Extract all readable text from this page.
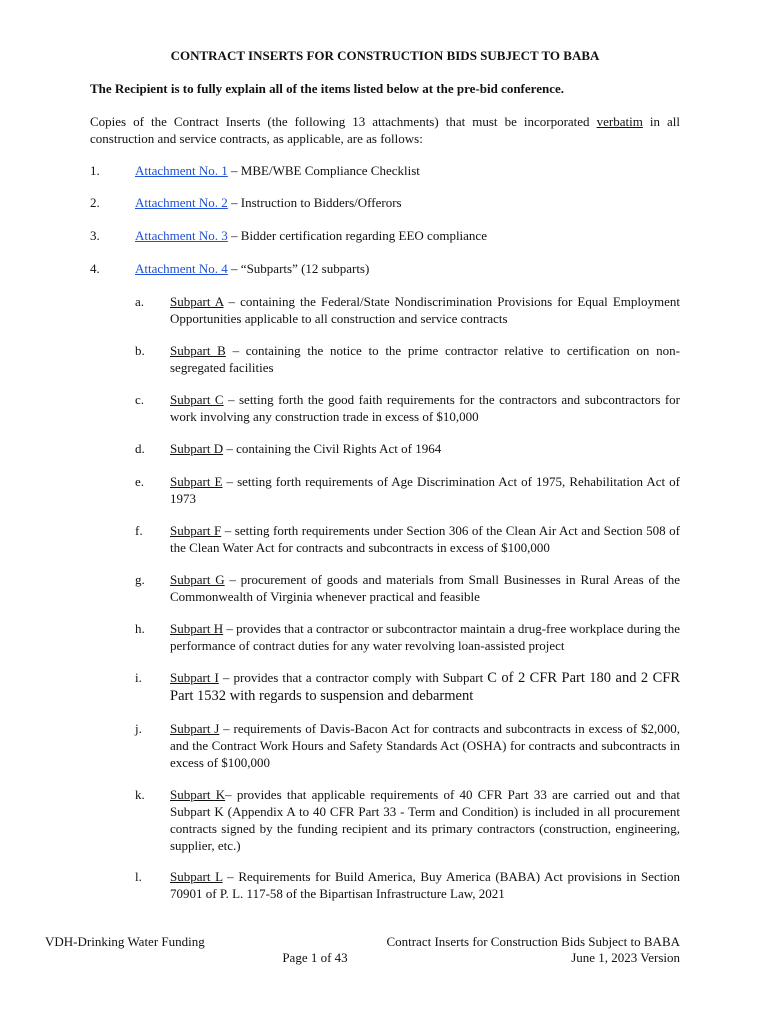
CONTRACT INSERTS FOR CONSTRUCTION BIDS SUBJECT TO BABA
The Recipient is to fully explain all of the items listed below at the pre-bid conference.
Copies of the Contract Inserts (the following 13 attachments) that must be incorporated verbatim in all construction and service contracts, as applicable, are as follows:
1.	Attachment No. 1 – MBE/WBE Compliance Checklist
2.	Attachment No. 2 – Instruction to Bidders/Offerors
3.	Attachment No. 3 – Bidder certification regarding EEO compliance
4.	Attachment No. 4 – “Subparts” (12 subparts)
a. Subpart A – containing the Federal/State Nondiscrimination Provisions for Equal Employment Opportunities applicable to all construction and service contracts
b. Subpart B – containing the notice to the prime contractor relative to certification on non-segregated facilities
c. Subpart C – setting forth the good faith requirements for the contractors and subcontractors for work involving any construction trade in excess of $10,000
d. Subpart D – containing the Civil Rights Act of 1964
e. Subpart E – setting forth requirements of Age Discrimination Act of 1975, Rehabilitation Act of 1973
f. Subpart F – setting forth requirements under Section 306 of the Clean Air Act and Section 508 of the Clean Water Act for contracts and subcontracts in excess of $100,000
g. Subpart G – procurement of goods and materials from Small Businesses in Rural Areas of the Commonwealth of Virginia whenever practical and feasible
h. Subpart H – provides that a contractor or subcontractor maintain a drug-free workplace during the performance of contract duties for any water revolving loan-assisted project
i. Subpart I – provides that a contractor comply with Subpart C of 2 CFR Part 180 and 2 CFR Part 1532 with regards to suspension and debarment
j. Subpart J – requirements of Davis-Bacon Act for contracts and subcontracts in excess of $2,000, and the Contract Work Hours and Safety Standards Act (OSHA) for contracts and subcontracts in excess of $100,000
k. Subpart K– provides that applicable requirements of 40 CFR Part 33 are carried out and that Subpart K (Appendix A to 40 CFR Part 33 - Term and Condition) is included in all procurement contracts signed by the funding recipient and its primary contractors (construction, engineering, supplier, etc.)
l. Subpart L – Requirements for Build America, Buy America (BABA) Act provisions in Section 70901 of P. L. 117-58 of the Bipartisan Infrastructure Law, 2021
VDH-Drinking Water Funding	Contract Inserts for Construction Bids Subject to BABA
Page 1 of 43	June 1, 2023 Version
